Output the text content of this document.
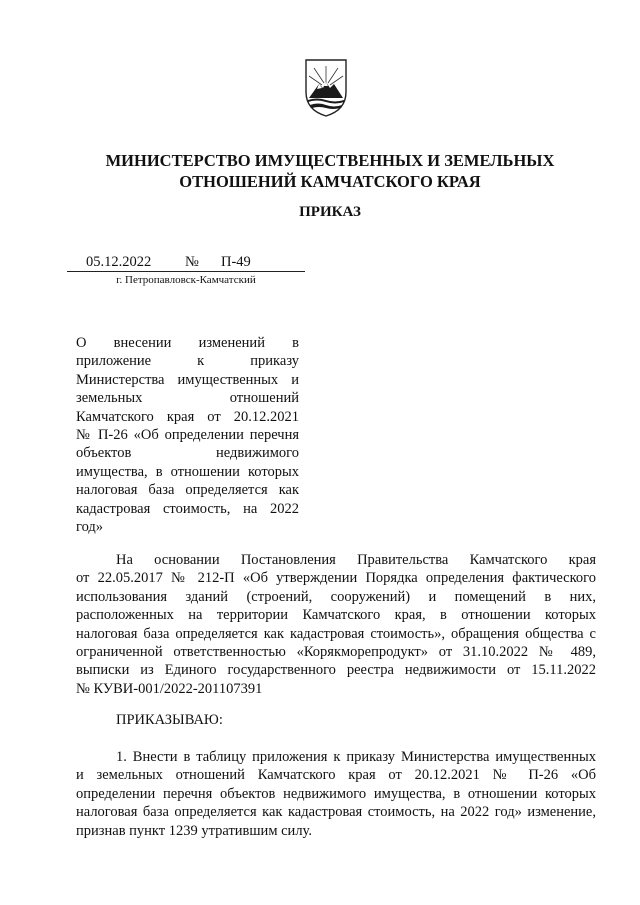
МИНИСТЕРСТВО ИМУЩЕСТВЕННЫХ И ЗЕМЕЛЬНЫХ
ОТНОШЕНИЙ КАМЧАТСКОГО КРАЯ
ПРИКАЗ
05.12.2022 № П-49
г. Петропавловск-Камчатский
О внесении изменений в
приложение к приказу
Министерства имущественных и
земельных отношений
Камчатского края от 20.12.2021
№ П-26 «Об определении перечня
объектов недвижимого
имущества, в отношении которых
налоговая база определяется как
кадастровая стоимость, на 2022
год»
На основании Постановления Правительства Камчатского края
от 22.05.2017 № 212-П «Об утверждении Порядка определения фактического
использования зданий (строений, сооружений) и помещений в них,
расположенных на территории Камчатского края, в отношении которых
налоговая база определяется как кадастровая стоимость», обращения общества с
ограниченной ответственностью «Корякморепродукт» от 31.10.2022 № 489,
выписки из Единого государственного реестра недвижимости от 15.11.2022
№ КУВИ-001/2022-201107391
ПРИКАЗЫВАЮ:
1. Внести в таблицу приложения к приказу Министерства имущественных
и земельных отношений Камчатского края от 20.12.2021 № П-26 «Об
определении перечня объектов недвижимого имущества, в отношении которых
налоговая база определяется как кадастровая стоимость, на 2022 год» изменение,
признав пункт 1239 утратившим силу.
